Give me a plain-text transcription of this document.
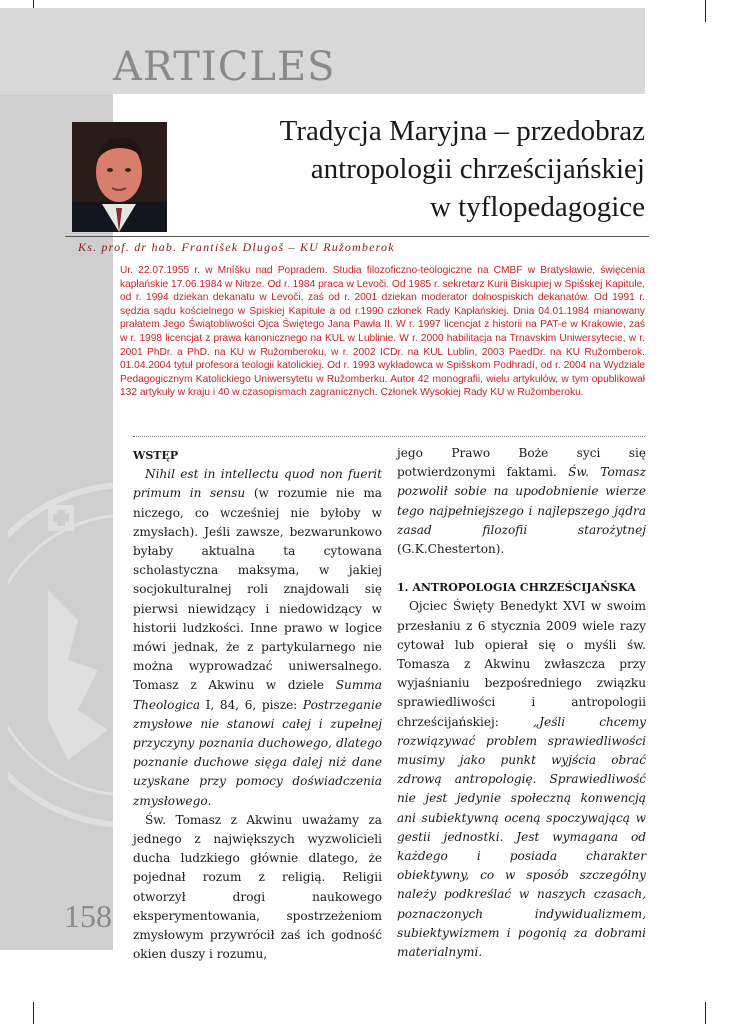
ARTICLES
Tradycja Maryjna – przedobraz
antropologii chrześcijańskiej
w tyflopedagogice
Ks. prof. dr hab. František Dlugoš – KU Ružomberok
Ur. 22.07.1955 r. w Mníšku nad Popradem. Studia filozoficzno-teologiczne na CMBF w Bratysławie, święcenia kapłańskie 17.06.1984 w Nitrze. Od r. 1984 praca w Levoči. Od 1985 r. sekretarz Kurii Biskupiej w Spišskej Kapitule, od r. 1994 dziekan dekanatu w Levoči, zaś od r. 2001 dziekan moderator dolnospiskich dekanatów. Od 1991 r. sędzia sądu kościelnego w Spiskiej Kapitule a od r.1990 członek Rady Kapłańskiej. Dnia 04.01.1984 mianowany prałatem Jego Świątobliwości Ojca Świętego Jana Pawła II. W r. 1997 licencjat z historii na PAT-e w Krakowie, zaś w r. 1998 licencjat z prawa kanonicznego na KUL w Lublinie. W r. 2000 habilitacja na Trnavskim Uniwersytecie, w r. 2001 PhDr. a PhD. na KU w Ružomberoku, w r. 2002 ICDr. na KUL Lublin, 2003 PaedDr. na KU Ružomberok. 01.04.2004 tytuł profesora teologii katolickiej. Od r. 1993 wykładowca w Spišskom Podhradí, od r. 2004 na Wydziale Pedagogicznym Katolickiego Uniwersytetu w Ružomberku. Autor 42 monografii, wielu artykułów, w tym opublikował 132 artykuły w kraju i 40 w czasopismach zagranicznych. Członek Wysokiej Rady KU w Ružomberoku.

WSTĘP

Nihil est in intellectu quod non fuerit primum in sensu (w rozumie nie ma niczego, co wcześniej nie byłoby w zmysłach). Jeśli zawsze, bezwarunkowo byłaby aktualna ta cytowana scholastyczna maksyma, w jakiej socjokulturalnej roli znajdowali się pierwsi niewidzący i niedowidzący w historii ludzkości. Inne prawo w logice mówi jednak, że z partykularnego nie można wyprowadzać uniwersalnego. Tomasz z Akwinu w dziele Summa Theologica I, 84, 6, pisze: Postrzeganie zmysłowe nie stanowi całej i zupełnej przyczyny poznania duchowego, dlatego poznanie duchowe sięga dalej niż dane uzyskane przy pomocy doświadczenia zmysłowego.

Św. Tomasz z Akwinu uważamy za jednego z największych wyzwolicieli ducha ludzkiego głównie dlatego, że pojednał rozum z religią. Religii otworzył drogi naukowego eksperymentowania, spostrzeżeniom zmysłowym przywrócił zaś ich godność okien duszy i rozumu,

jego Prawo Boże syci się potwierdzonymi faktami. Św. Tomasz pozwolił sobie na upodobnienie wierze tego najpełniejszego i najlepszego jądra zasad filozofii starożytnej (G.K.Chesterton).

1. ANTROPOLOGIA CHRZEŚCIJAŃSKA

Ojciec Święty Benedykt XVI w swoim przesłaniu z 6 stycznia 2009 wiele razy cytował lub opierał się o myśli św. Tomasza z Akwinu zwłaszcza przy wyjaśnianiu bezpośredniego związku sprawiedliwości i antropologii chrześcijańskiej: „Jeśli chcemy rozwiązywać problem sprawiedliwości musimy jako punkt wyjścia obrać zdrową antropologię. Sprawiedliwość nie jest jedynie społeczną konwencją ani subiektywną oceną spoczywającą w gestii jednostki. Jest wymagana od każdego i posiada charakter obiektywny, co w sposób szczególny należy podkreślać w naszych czasach, poznaczonych indywidualizmem, subiektywizmem i pogonią za dobrami materialnymi.

158
